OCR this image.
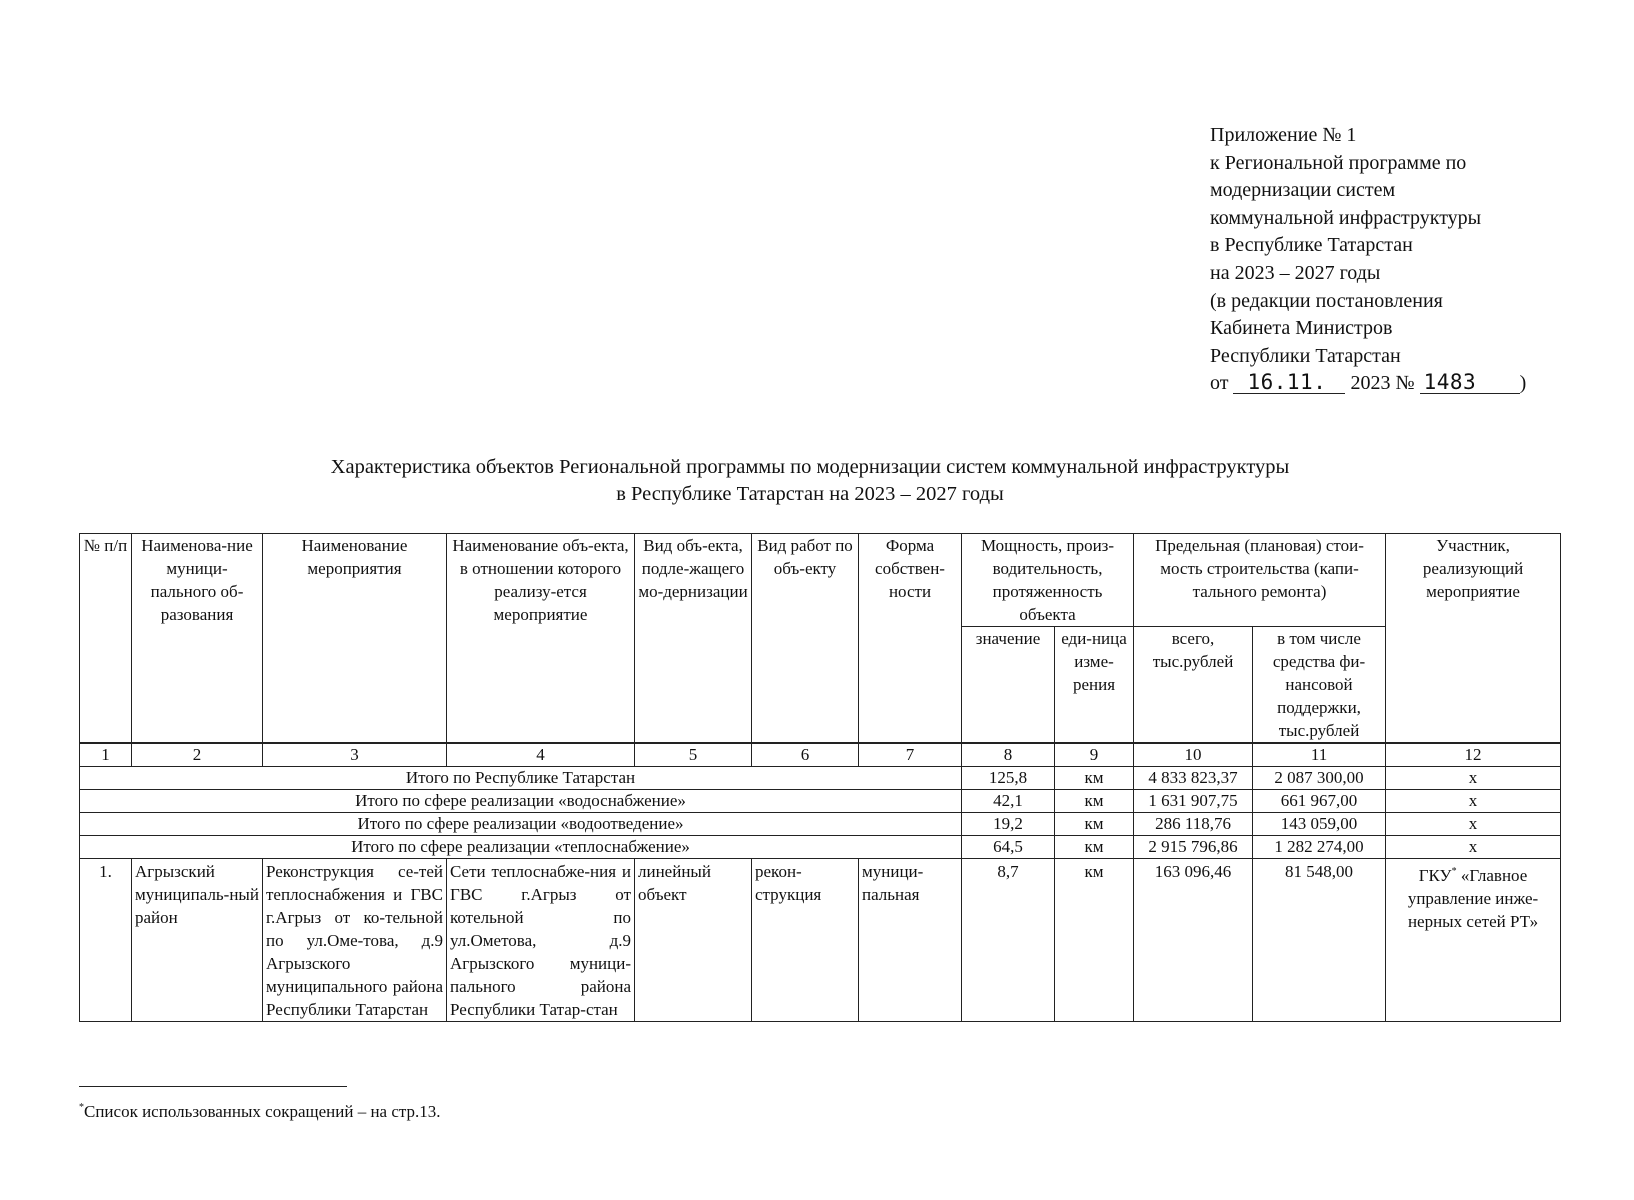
Приложение № 1
к Региональной программе по
модернизации систем
коммунальной инфраструктуры
в Республике Татарстан
на 2023 – 2027 годы
(в редакции постановления
Кабинета Министров
Республики Татарстан
от 16.11. 2023 № 1483 )
Характеристика объектов Региональной программы по модернизации систем коммунальной инфраструктуры
в Республике Татарстан на 2023 – 2027 годы
№ п/п	Наименова-ние муници-пального об-разования	Наименование мероприятия	Наименование объ-екта, в отношении которого реализу-ется мероприятие	Вид объ-екта, подле-жащего мо-дернизации	Вид работ по объ-екту	Форма собствен-ности	Мощность, произ-водительность, протяженность объекта		Предельная (плановая) стои-мость строительства (капи-тального ремонта)		Участник, реализующий мероприятие
							значение	еди-ница изме-рения	всего, тыс.рублей	в том числе средства фи-нансовой поддержки, тыс.рублей	
1	2	3	4	5	6	7	8	9	10	11	12
Итого по Республике Татарстан							125,8	км	4 833 823,37	2 087 300,00	х
Итого по сфере реализации «водоснабжение»							42,1	км	1 631 907,75	661 967,00	х
Итого по сфере реализации «водоотведение»							19,2	км	286 118,76	143 059,00	х
Итого по сфере реализации «теплоснабжение»							64,5	км	2 915 796,86	1 282 274,00	х
1.	Агрызский муниципаль-ный район	Реконструкция се-тей теплоснабжения и ГВС г.Агрыз от ко-тельной по ул.Оме-това, д.9 Агрызского муниципального района Республики Татарстан	Сети теплоснабже-ния и ГВС г.Агрыз от котельной по ул.Ометова, д.9 Агрызского муници-пального района Республики Татар-стан	линейный объект	рекон-струкция	муници-пальная	8,7	км	163 096,46	81 548,00	ГКУ* «Главное управление инже-нерных сетей РТ»
*Список использованных сокращений – на стр.13.
